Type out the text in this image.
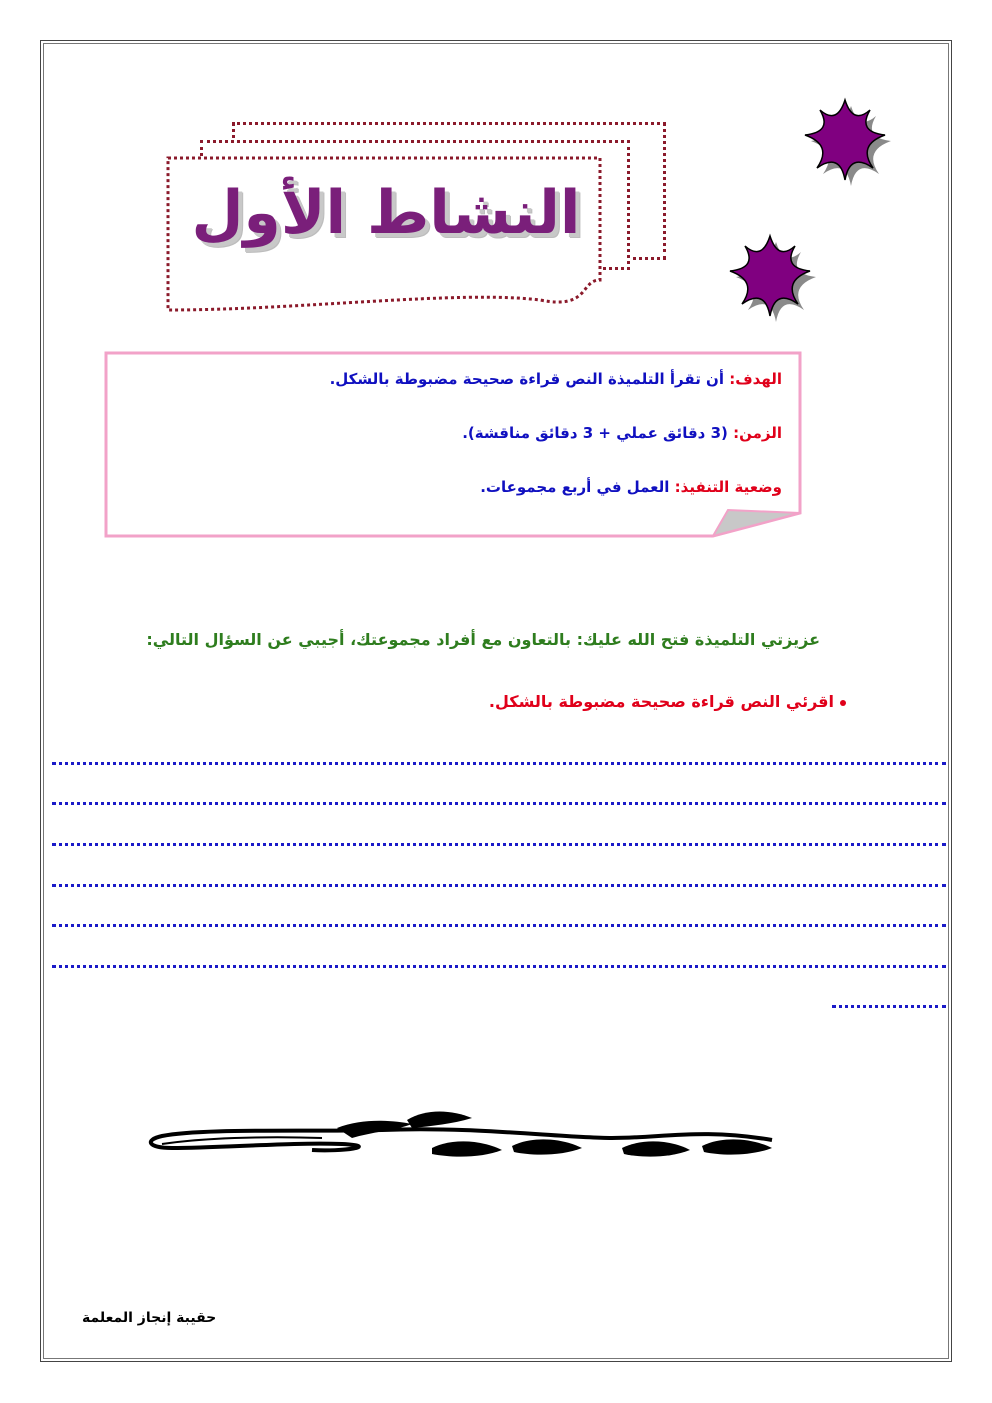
النشاط الأول
الهدف: أن تقرأ التلميذة النص قراءة صحيحة مضبوطة بالشكل.
الزمن: (3 دقائق عملي + 3 دقائق مناقشة).
وضعية التنفيذ: العمل في أربع مجموعات.
عزيزتي التلميذة فتح الله عليك: بالتعاون مع أفراد مجموعتك، أجيبي عن السؤال التالي:
اقرئي النص قراءة صحيحة مضبوطة بالشكل.
حقيبة إنجاز المعلمة
